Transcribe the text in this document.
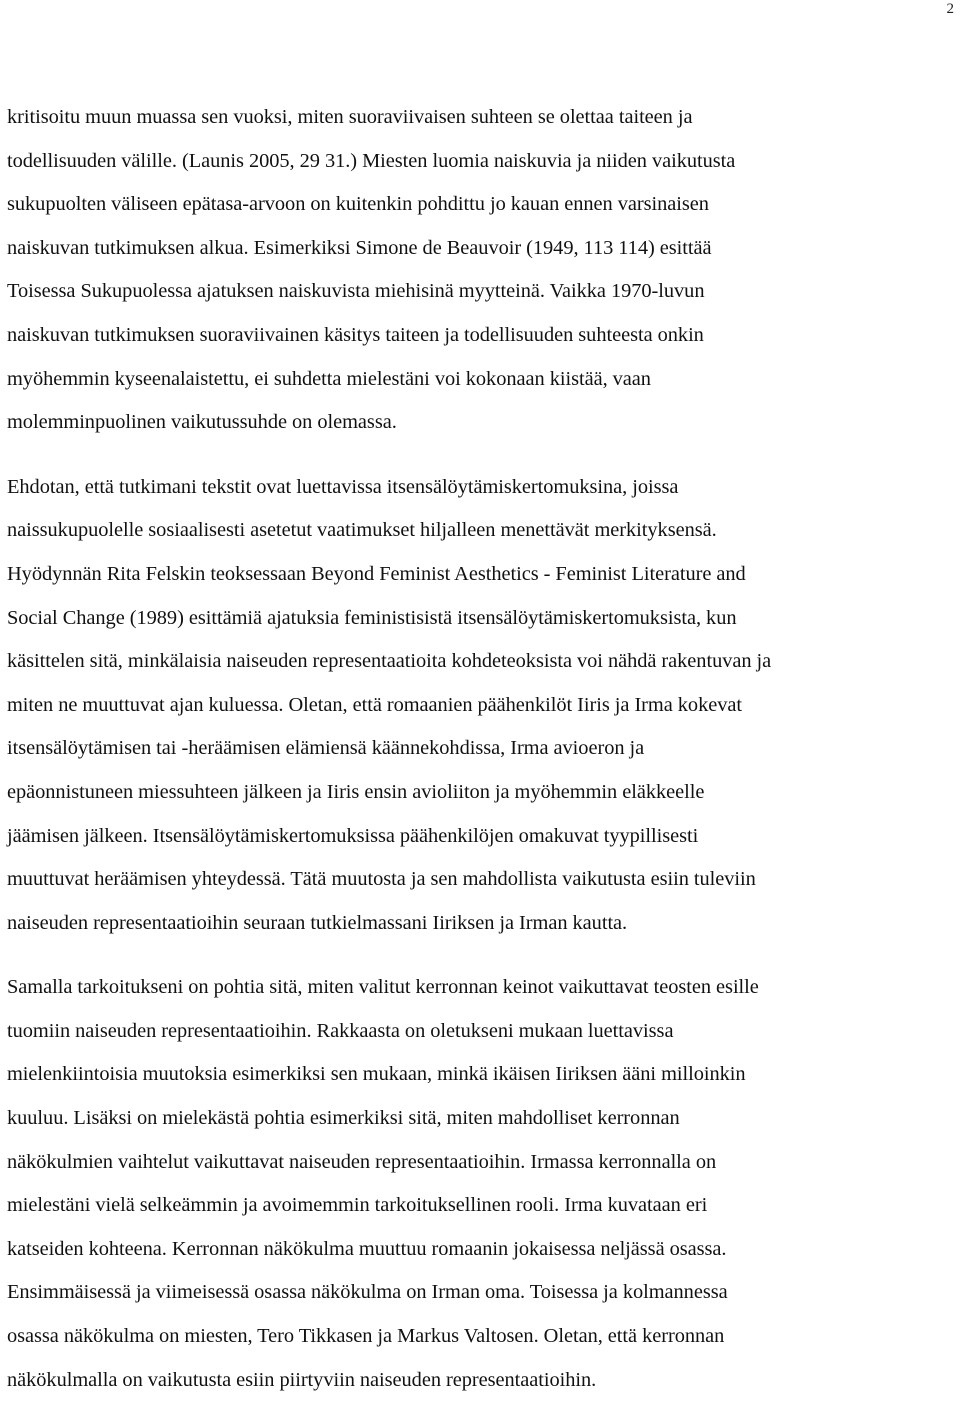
2
kritisoitu muun muassa sen vuoksi, miten suoraviivaisen suhteen se olettaa taiteen ja
todellisuuden välille. (Launis 2005, 29 31.) Miesten luomia naiskuvia ja niiden vaikutusta
sukupuolten väliseen epätasa-arvoon on kuitenkin pohdittu jo kauan ennen varsinaisen
naiskuvan tutkimuksen alkua. Esimerkiksi Simone de Beauvoir (1949, 113 114) esittää
Toisessa Sukupuolessa ajatuksen naiskuvista miehisinä myytteinä. Vaikka 1970-luvun
naiskuvan tutkimuksen suoraviivainen käsitys taiteen ja todellisuuden suhteesta onkin
myöhemmin kyseenalaistettu, ei suhdetta mielestäni voi kokonaan kiistää, vaan
molemminpuolinen vaikutussuhde on olemassa.
Ehdotan, että tutkimani tekstit ovat luettavissa itsensälöytämiskertomuksina, joissa
naissukupuolelle sosiaalisesti asetetut vaatimukset hiljalleen menettävät merkityksensä.
Hyödynnän Rita Felskin teoksessaan Beyond Feminist Aesthetics - Feminist Literature and
Social Change (1989) esittämiä ajatuksia feministisistä itsensälöytämiskertomuksista, kun
käsittelen sitä, minkälaisia naiseuden representaatioita kohdeteoksista voi nähdä rakentuvan ja
miten ne muuttuvat ajan kuluessa. Oletan, että romaanien päähenkilöt Iiris ja Irma kokevat
itsensälöytämisen tai -heräämisen elämiensä käännekohdissa, Irma avioeron ja
epäonnistuneen miessuhteen jälkeen ja Iiris ensin avioliiton ja myöhemmin eläkkeelle
jäämisen jälkeen. Itsensälöytämiskertomuksissa päähenkilöjen omakuvat tyypillisesti
muuttuvat heräämisen yhteydessä. Tätä muutosta ja sen mahdollista vaikutusta esiin tuleviin
naiseuden representaatioihin seuraan tutkielmassani Iiriksen ja Irman kautta.
Samalla tarkoitukseni on pohtia sitä, miten valitut kerronnan keinot vaikuttavat teosten esille
tuomiin naiseuden representaatioihin. Rakkaasta on oletukseni mukaan luettavissa
mielenkiintoisia muutoksia esimerkiksi sen mukaan, minkä ikäisen Iiriksen ääni milloinkin
kuuluu. Lisäksi on mielekästä pohtia esimerkiksi sitä, miten mahdolliset kerronnan
näkökulmien vaihtelut vaikuttavat naiseuden representaatioihin. Irmassa kerronnalla on
mielestäni vielä selkeämmin ja avoimemmin tarkoituksellinen rooli. Irma kuvataan eri
katseiden kohteena. Kerronnan näkökulma muuttuu romaanin jokaisessa neljässä osassa.
Ensimmäisessä ja viimeisessä osassa näkökulma on Irman oma. Toisessa ja kolmannessa
osassa näkökulma on miesten, Tero Tikkasen ja Markus Valtosen. Oletan, että kerronnan
näkökulmalla on vaikutusta esiin piirtyviin naiseuden representaatioihin.
